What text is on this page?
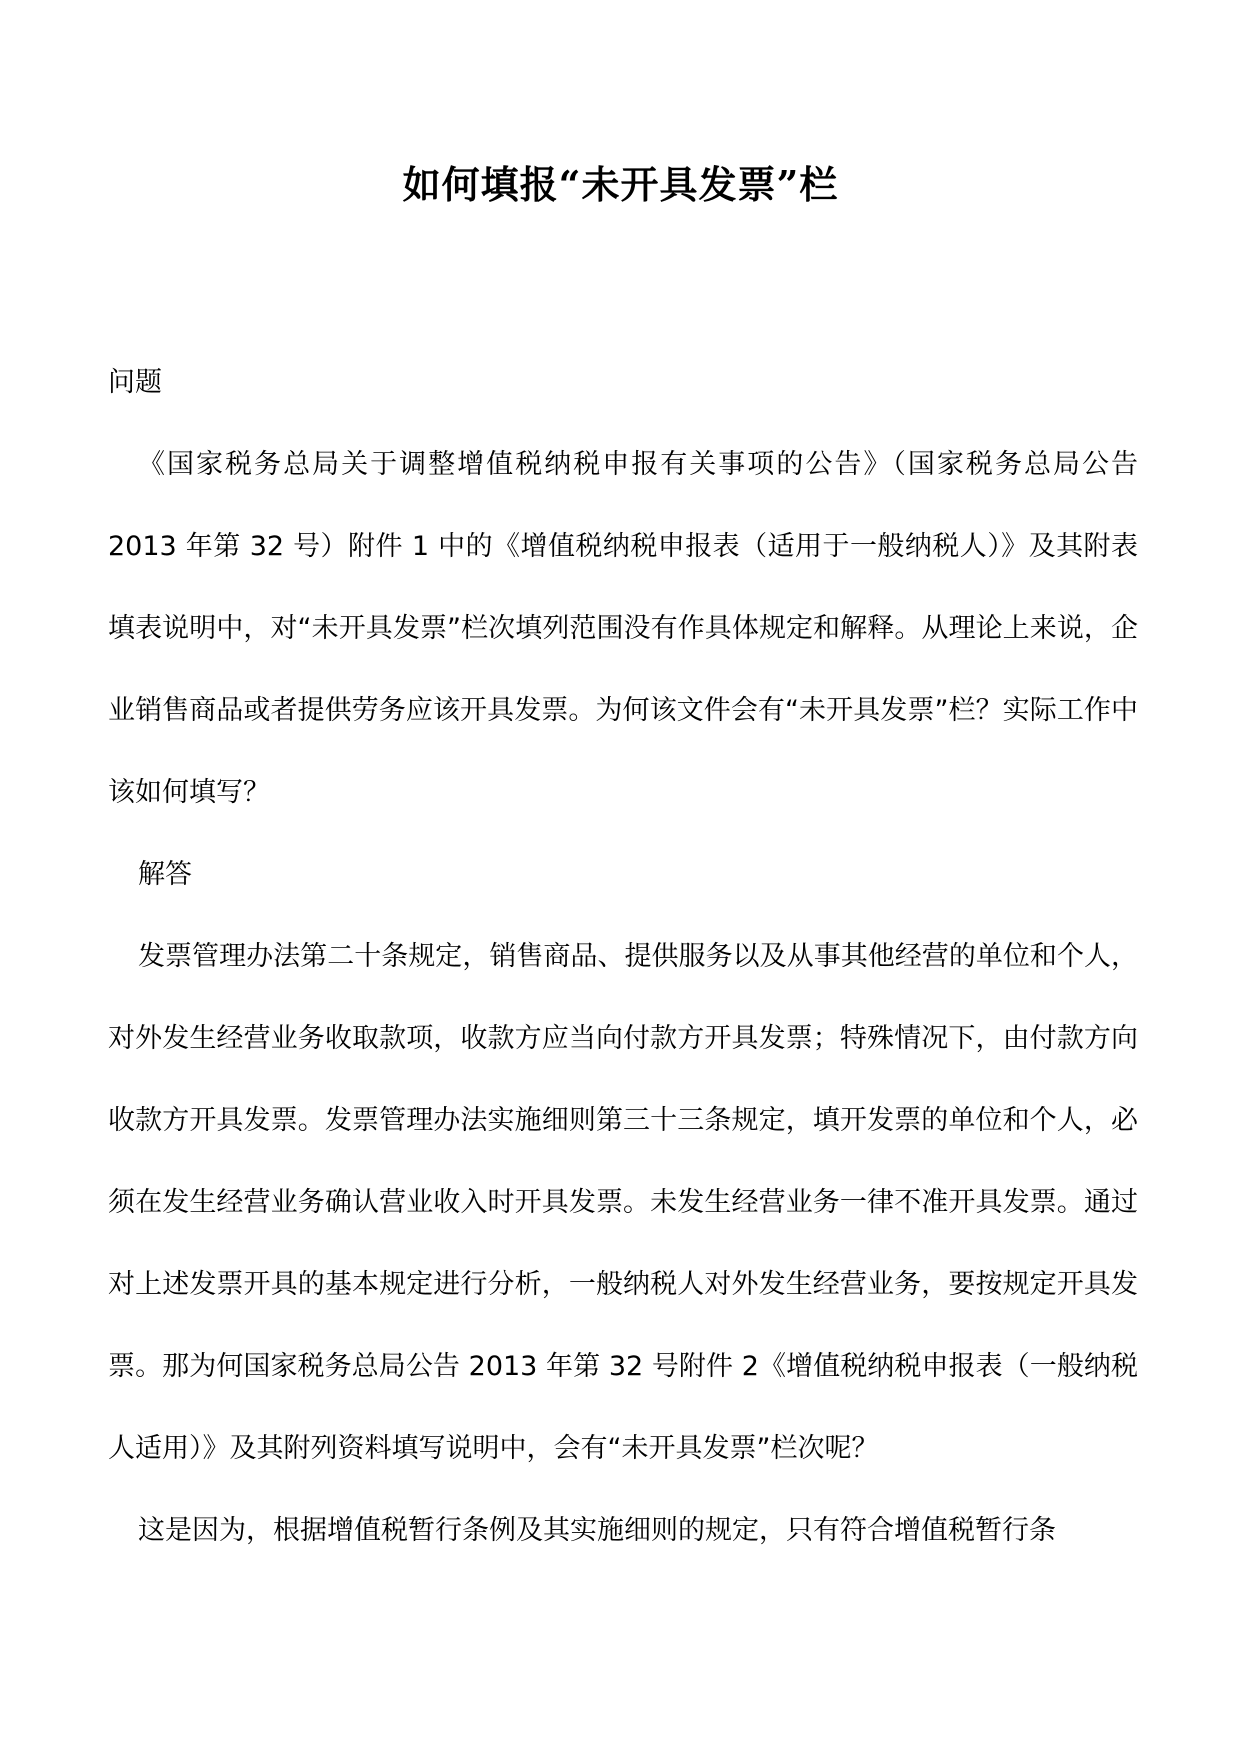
如何填报“未开具发票”栏

问题

《国家税务总局关于调整增值税纳税申报有关事项的公告》（国家税务总局公告 2013 年第 32 号）附件 1 中的《增值税纳税申报表（适用于一般纳税人）》及其附表填表说明中，对“未开具发票”栏次填列范围没有作具体规定和解释。从理论上来说，企业销售商品或者提供劳务应该开具发票。为何该文件会有“未开具发票”栏？实际工作中该如何填写？

解答

发票管理办法第二十条规定，销售商品、提供服务以及从事其他经营的单位和个人，对外发生经营业务收取款项，收款方应当向付款方开具发票；特殊情况下，由付款方向收款方开具发票。发票管理办法实施细则第三十三条规定，填开发票的单位和个人，必须在发生经营业务确认营业收入时开具发票。未发生经营业务一律不准开具发票。通过对上述发票开具的基本规定进行分析，一般纳税人对外发生经营业务，要按规定开具发票。那为何国家税务总局公告 2013 年第 32 号附件 2《增值税纳税申报表（一般纳税人适用）》及其附列资料填写说明中，会有“未开具发票”栏次呢？

这是因为，根据增值税暂行条例及其实施细则的规定，只有符合增值税暂行条
